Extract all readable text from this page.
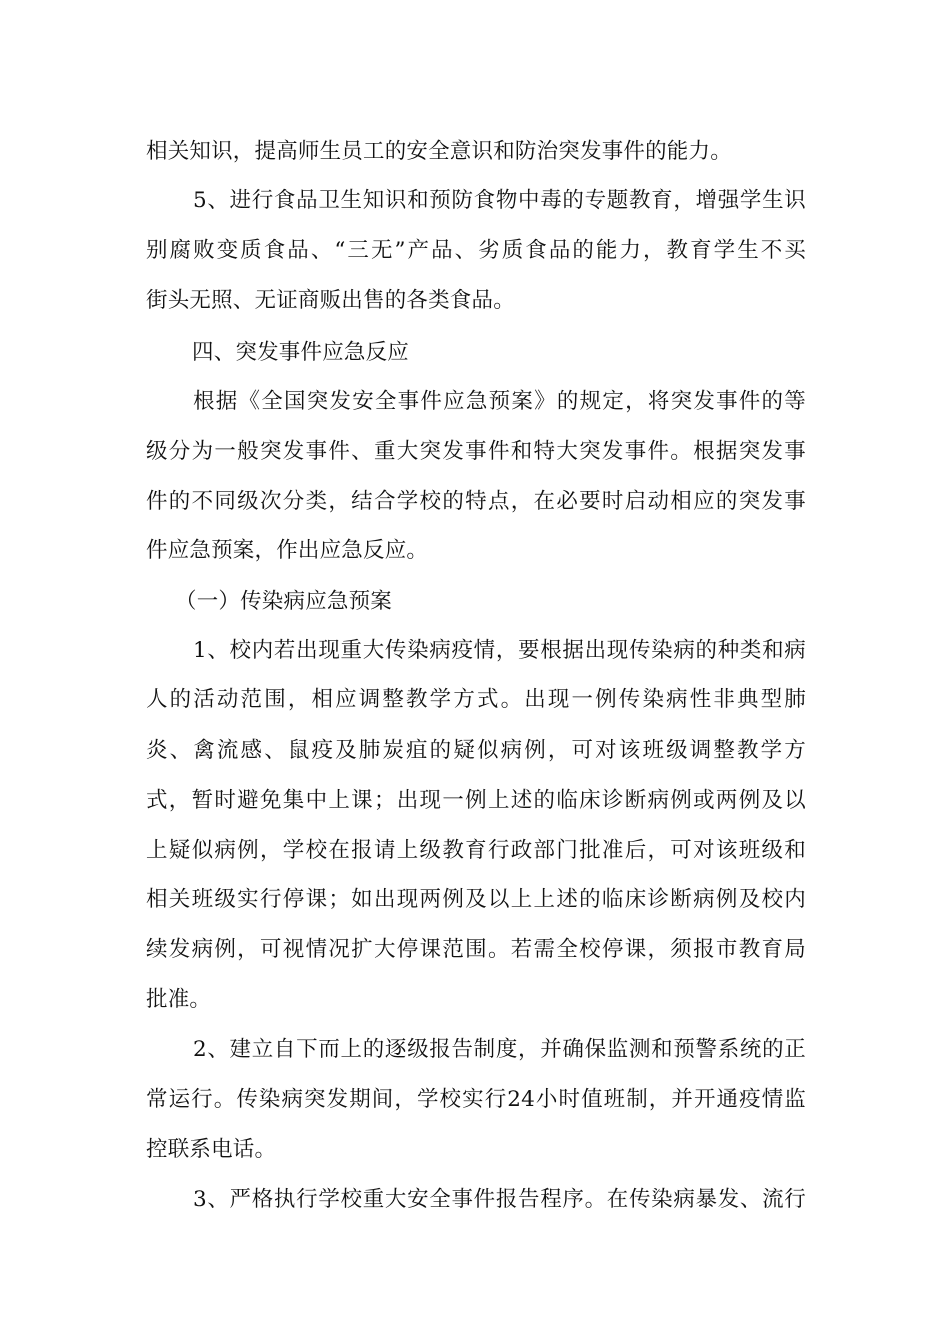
相关知识，提高师生员工的安全意识和防治突发事件的能力。
5、进行食品卫生知识和预防食物中毒的专题教育，增强学生识
别腐败变质食品、“三无”产品、劣质食品的能力，教育学生不买
街头无照、无证商贩出售的各类食品。
四、突发事件应急反应
根据《全国突发安全事件应急预案》的规定，将突发事件的等
级分为一般突发事件、重大突发事件和特大突发事件。根据突发事
件的不同级次分类，结合学校的特点，在必要时启动相应的突发事
件应急预案，作出应急反应。
（一）传染病应急预案
1、校内若出现重大传染病疫情，要根据出现传染病的种类和病
人的活动范围，相应调整教学方式。出现一例传染病性非典型肺
炎、禽流感、鼠疫及肺炭疽的疑似病例，可对该班级调整教学方
式，暂时避免集中上课；出现一例上述的临床诊断病例或两例及以
上疑似病例，学校在报请上级教育行政部门批准后，可对该班级和
相关班级实行停课；如出现两例及以上上述的临床诊断病例及校内
续发病例，可视情况扩大停课范围。若需全校停课，须报市教育局
批准。
2、建立自下而上的逐级报告制度，并确保监测和预警系统的正
常运行。传染病突发期间，学校实行24小时值班制，并开通疫情监
控联系电话。
3、严格执行学校重大安全事件报告程序。在传染病暴发、流行
